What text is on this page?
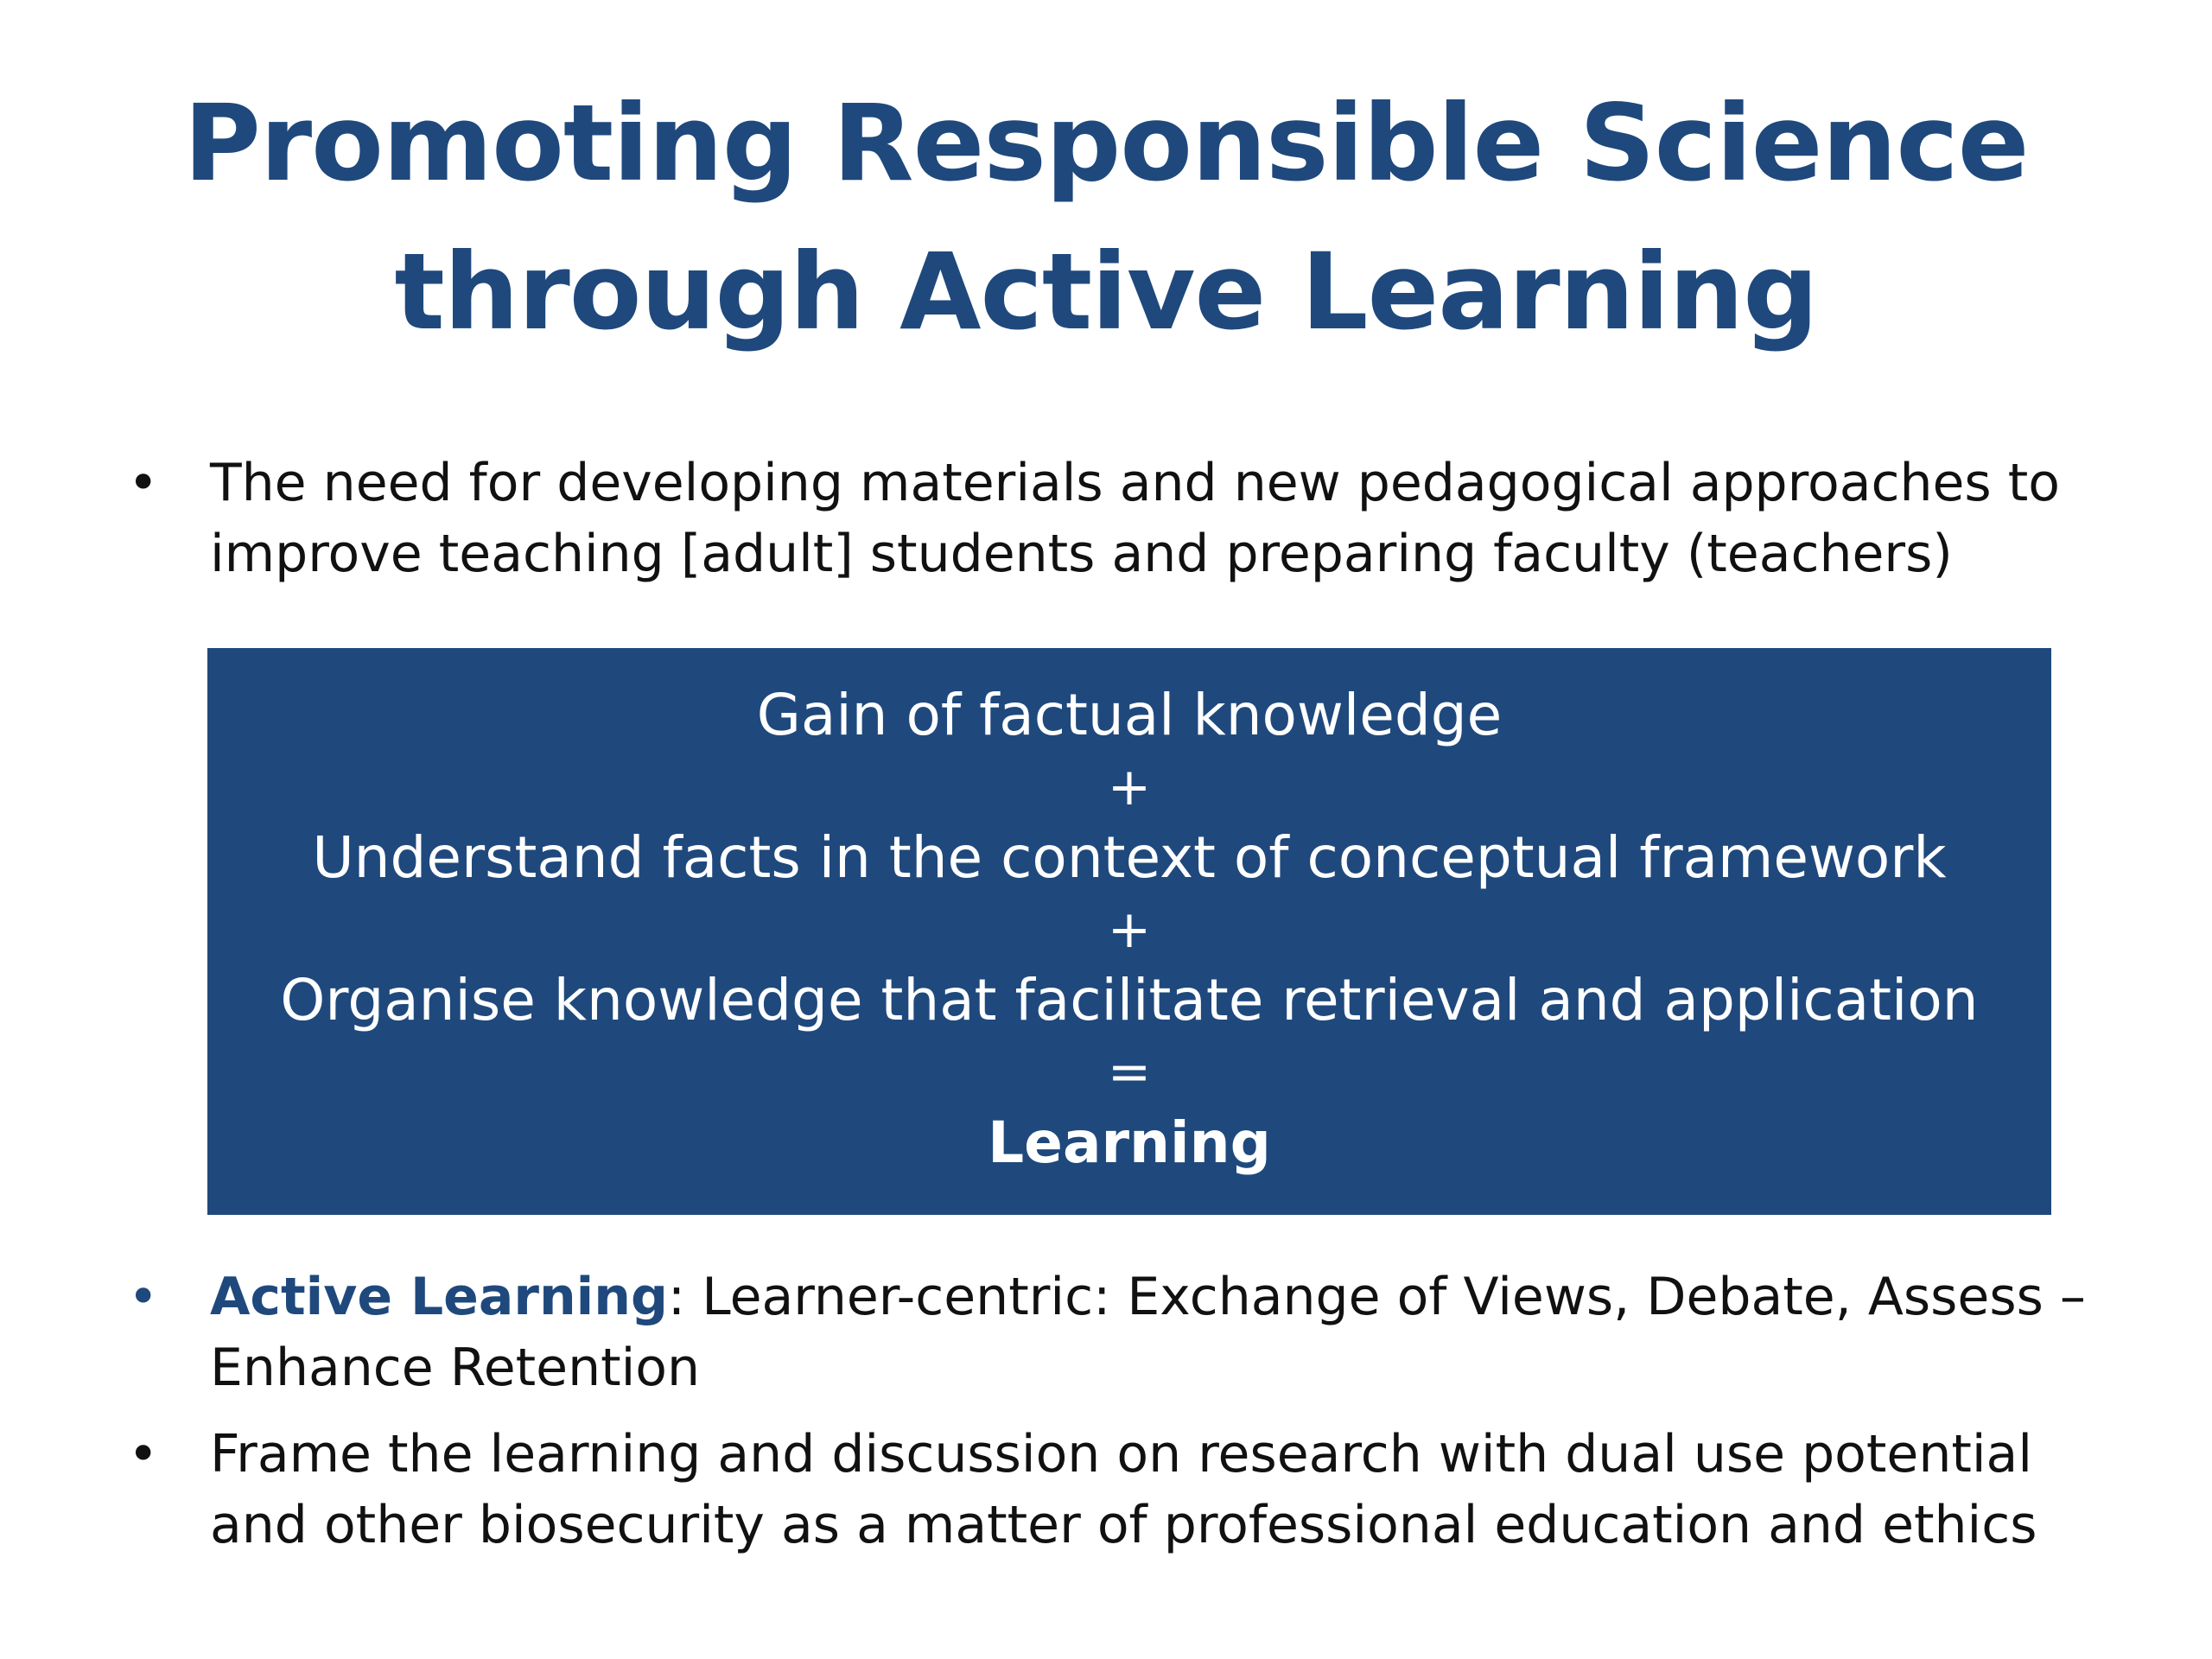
Promoting Responsible Science
through Active Learning
• The need for developing materials and new pedagogical approaches to improve teaching [adult] students and preparing faculty (teachers)
Gain of factual knowledge
+
Understand facts in the context of conceptual framework
+
Organise knowledge that facilitate retrieval and application
=
Learning
• Active Learning: Learner-centric: Exchange of Views, Debate, Assess – Enhance Retention
• Frame the learning and discussion on research with dual use potential and other biosecurity as a matter of professional education and ethics
